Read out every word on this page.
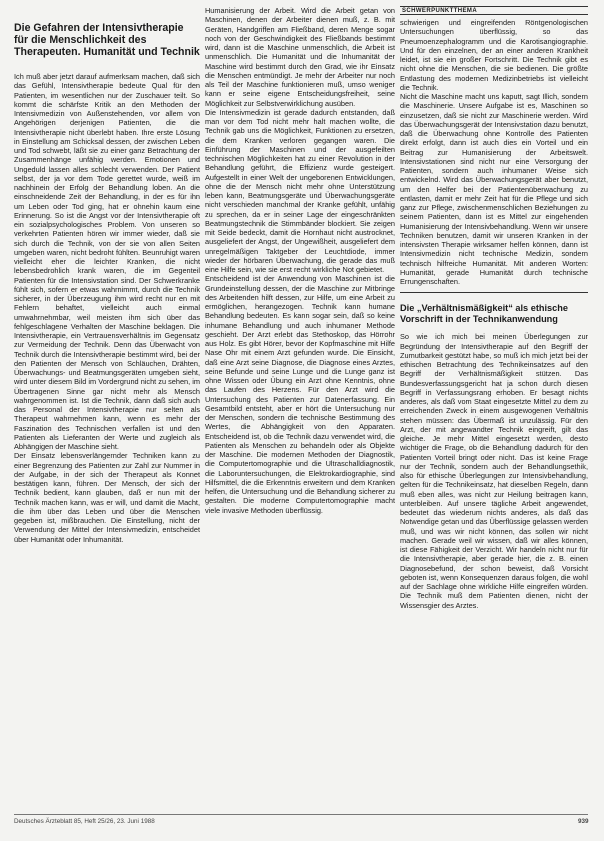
SCHWERPUNKTTHEMA
Die Gefahren der Intensivtherapie für die Menschlichkeit des Therapeuten. Humanität und Technik

Ich muß aber jetzt darauf aufmerksam machen, daß sich das Gefühl, Intensivtherapie bedeute Qual für den Patienten, im wesentlichen nur der Zuschauer teilt. So kommt die schärfste Kritik an den Methoden der Intensivmedizin von Außenstehenden, vor allem von Angehörigen derjenigen Patienten, die die Intensivtherapie nicht überlebt haben. Ihre erste Lösung in Einstellung am Schicksal dessen, der zwischen Leben und Tod schwebt, läßt sie zu einer ganz Betrachtung der Zusammenhänge unfähig werden. Emotionen und Ungeduld lassen alles schlecht verwenden. Der Patient selbst, der ja vor dem Tode gerettet wurde, weiß im nachhinein der Erfolg der Behandlung loben. An die einschneidende Zeit der Behandlung, in der es für ihn um Leben oder Tod ging, hat er ohnehin kaum eine Erinnerung. So ist die Angst vor der Intensivtherapie oft ein sozialpsychologisches Problem. Von unseren so verkehrten Patienten hören wir immer wieder, daß sie sich durch die Technik, von der sie von allen Seiten umgeben waren, nicht bedroht fühlten. Beunruhigt waren vielleicht eher die leichter Kranken, die nicht lebensbedrohlich krank waren, die im Gegenteil Patienten für die Intensivstation sind. Der Schwerkranke fühlt sich, sofern er etwas wahrnimmt, durch die Technik sicherer, in der Überzeugung ihm wird recht nur en mit Fehlern behaftet, vielleicht auch einmal umwahrnehmbar, weil meisten ihm sich über das fehlgeschlagene Verhalten der Maschine beklagen. Die Intensivtherapie, ein Vertrauensverhältnis im Gegensatz zur Vermeidung der Technik. Denn das Überwacht von Technik durch die Intensivtherapie bestimmt wird, bei der den Patienten der Mensch von Schläuchen, Drähten, Überwachungs- und Beatmungsgeräten umgeben sieht, wird unter diesem Bild im Vordergrund nicht zu sehen, im Übertragenen Sinne gar nicht mehr als Mensch wahrgenommen ist. Ist die Technik, dann daß sich auch das Personal der Intensivtherapie nur selten als Therapeut wahrnehmen kann, wenn es mehr der Faszination des Technischen verfallen ist und den Patienten als Lieferanten der Werte und zugleich als Abhängigen der Maschine sieht.

Der Einsatz lebensverlängernder Techniken kann zu einer Begrenzung des Patienten zur Zahl zur Nummer in der Aufgabe, in der sich der Therapeut als Konnet bestätigen kann, führen. Der Mensch, der sich der Technik bedient, kann glauben, daß er nun mit der Technik machen kann, was er will, und damit die Macht, die ihm über das Leben und über die Menschen gegeben ist, mißbrauchen. Die Einstellung, nicht der Verwendung der Mittel der Intensivmedizin, entscheidet über Humanität oder Inhumanität.

Humanisierung der Arbeit. Wird die Arbeit getan von Maschinen, denen der Arbeiter dienen muß, z. B. mit Geräten, Handgriffen am Fließband, deren Menge sogar noch von der Geschwindigkeit des Fließbands bestimmt wird, dann ist die Maschine unmenschlich, die Arbeit ist unmenschlich. Die Humanität und die Inhumanität der Maschine wird bestimmt durch den Grad, wie ihr Einsatz die Menschen entmündigt. Je mehr der Arbeiter nur noch als Teil der Maschine funktionieren muß, umso weniger kann er seine eigene Entscheidungsfreiheit, seine Möglichkeit zur Selbstverwirklichung ausüben.

Die Intensivmedizin ist gerade dadurch entstanden, daß man vor dem Tod nicht mehr halt machen wollte, die Technik gab uns die Möglichkeit, Funktionen zu ersetzen, die dem Kranken verloren gegangen waren. Die Einführung der Maschinen und der ausgefeilten technischen Möglichkeiten hat zu einer Revolution in der Behandlung geführt, die Effizienz wurde gesteigert. Aufgestellt in einer Welt der ungeborenen Entwicklungen, ohne die der Mensch nicht mehr ohne Unterstützung leben kann, Beatmungsgeräte und Überwachungsgeräte nicht verschieden manchmal der Kranke gefühlt, unfähig zu sprechen, da er in seiner Lage der eingeschränkten Beatmungstechnik die Stimmbänder blockiert. Sie zeigen mit Seide bedeckt, damit die Hornhaut nicht austrocknet, ausgeliefert der Angst, der Ungewißheit, ausgeliefert dem unregelmäßigen Taktgeber der Leuchtdiode, immer wieder der hörbaren Überwachung, die gerade das muß eine Hilfe sein, wie sie erst recht wirkliche Not gebietet.

Entscheidend ist der Anwendung von Maschinen ist die Grundeinstellung dessen, der die Maschine zur Mitbringe des Arbeitenden hilft dessen, zur Hilfe, um eine Arbeit zu ermöglichen, herangezogen. Technik kann humane Behandlung bedeuten. Es kann sogar sein, daß so keine inhumane Behandlung und auch inhumaner Methode geschieht. Der Arzt erlebt das Stethoskop, das Hörrohr aus Holz. Es gibt Hörer, bevor der Kopfmaschine mit Hilfe Nase Ohr mit einem Arzt gefunden wurde. Die Einsicht, daß eine Arzt seine Diagnose, die Diagnose eines Arztes, seine Befunde und seine Lunge und die Lunge ganz ist ohne Wissen oder Übung ein Arzt ohne Kenntnis, ohne das Laufen des Herzens. Für den Arzt wird die Untersuchung des Patienten zur Datenerfassung. Ein Gesamtbild entsteht, aber er hört die Untersuchung nur der Menschen, sondern die technische Bestimmung des Wertes, die Abhängigkeit von den Apparaten. Entscheidend ist, ob die Technik dazu verwendet wird, die Patienten als Menschen zu behandeln oder als Objekte der Maschine. Die modernen Methoden der Diagnostik, die Computertomographie und die Ultraschalldiagnostik, die Laboruntersuchungen, die Elektrokardiographie, sind Hilfsmittel, die die Erkenntnis erweitern und dem Kranken helfen, die Untersuchung und die Behandlung sicherer zu gestalten. Die moderne Computertomographie macht viele invasive Methoden überflüssig.

schwierigen und eingreifenden Röntgenologischen Untersuchungen überflüssig, so das Pneumoenzephalogramm und die Karotisangiographie. Und für den einzelnen, der an einer anderen Krankheit leidet, ist sie ein großer Fortschritt. Die Technik gibt es nicht ohne die Menschen, die sie bedienen. Die größte Entlastung des modernen Medizinbetriebs ist vielleicht die Technik.

Nicht die Maschine macht uns kaputt, sagt Illich, sondern die Maschinerie. Unsere Aufgabe ist es, Maschinen so einzusetzen, daß sie nicht zur Maschinerie werden. Wird das Überwachungsgerät der Intensivstation dazu benutzt, daß die Überwachung ohne Kontrolle des Patienten direkt erfolgt, dann ist auch dies ein Vorteil und ein Beitrag zur Humanisierung der Arbeitswelt. Intensivstationen sind nicht nur eine Versorgung der Patienten, sondern auch inhumaner Weise sich entwickelnd. Wird das Überwachungsgerät aber benutzt, um den Helfer bei der Patientenüberwachung zu entlasten, damit er mehr Zeit hat für die Pflege und sich ganz zur Pflege, zwischenmenschlichen Beziehungen zu seinem Patienten, dann ist es Mittel zur eingehenden Humanisierung der Intensivbehandlung. Wenn wir unsere Techniken benutzen, damit wir unseren Kranken in der intensivsten Therapie wirksamer helfen können, dann ist Intensivmedizin nicht technische Medizin, sondern technisch hilfreiche Humanität. Mit anderen Worten: Humanität, gerade Humanität durch technische Errungenschaften.

Die „Verhältnismäßigkeit“ als ethische Vorschrift in der Technikanwendung

So wie ich mich bei meinen Überlegungen zur Begründung der Intensivtherapie auf den Begriff der Zumutbarkeit gestützt habe, so muß ich mich jetzt bei der ethischen Betrachtung des Technikeinsatzes auf den Begriff der Verhältnismäßigkeit stützen. Das Bundesverfassungsgericht hat ja schon durch diesen Begriff in Verfassungsrang erhoben. Er besagt nichts anderes, als daß vom Staat eingesetzte Mittel zu dem zu erreichenden Zweck in einem ausgewogenen Verhältnis stehen müssen: das Übermaß ist unzulässig. Für den Arzt, der mit angewandter Technik eingreift, gilt das gleiche. Je mehr Mittel eingesetzt werden, desto wichtiger die Frage, ob die Behandlung dadurch für den Patienten Vorteil bringt oder nicht. Das ist keine Frage nur der Technik, sondern auch der Behandlungsethik, also für ethische Überlegungen zur Intensivbehandlung, gelten für die Technikeinsatz, hat dieselben Regeln, dann muß eben alles, was nicht zur Heilung beitragen kann, unterbleiben. Auf unsere tägliche Arbeit angewendet, bedeutet das wiederum nichts anderes, als daß das Notwendige getan und das Überflüssige gelassen werden muß, und was wir nicht können, das sollen wir nicht machen. Gerade weil wir wissen, daß wir alles können, ist diese Fähigkeit der Verzicht. Wir handeln nicht nur für die Intensivtherapie, aber gerade hier, die z. B. einen Diagnosebefund, der schon beweist, daß Vorsicht geboten ist, wenn Konsequenzen daraus folgen, die wohl auf der Sachlage ohne wirkliche Hilfe eingreifen würden. Die Technik muß dem Patienten dienen, nicht der Wissensgier des Arztes.

Deutsches Ärzteblatt 85, Heft 25/26, 23. Juni 1988	939
